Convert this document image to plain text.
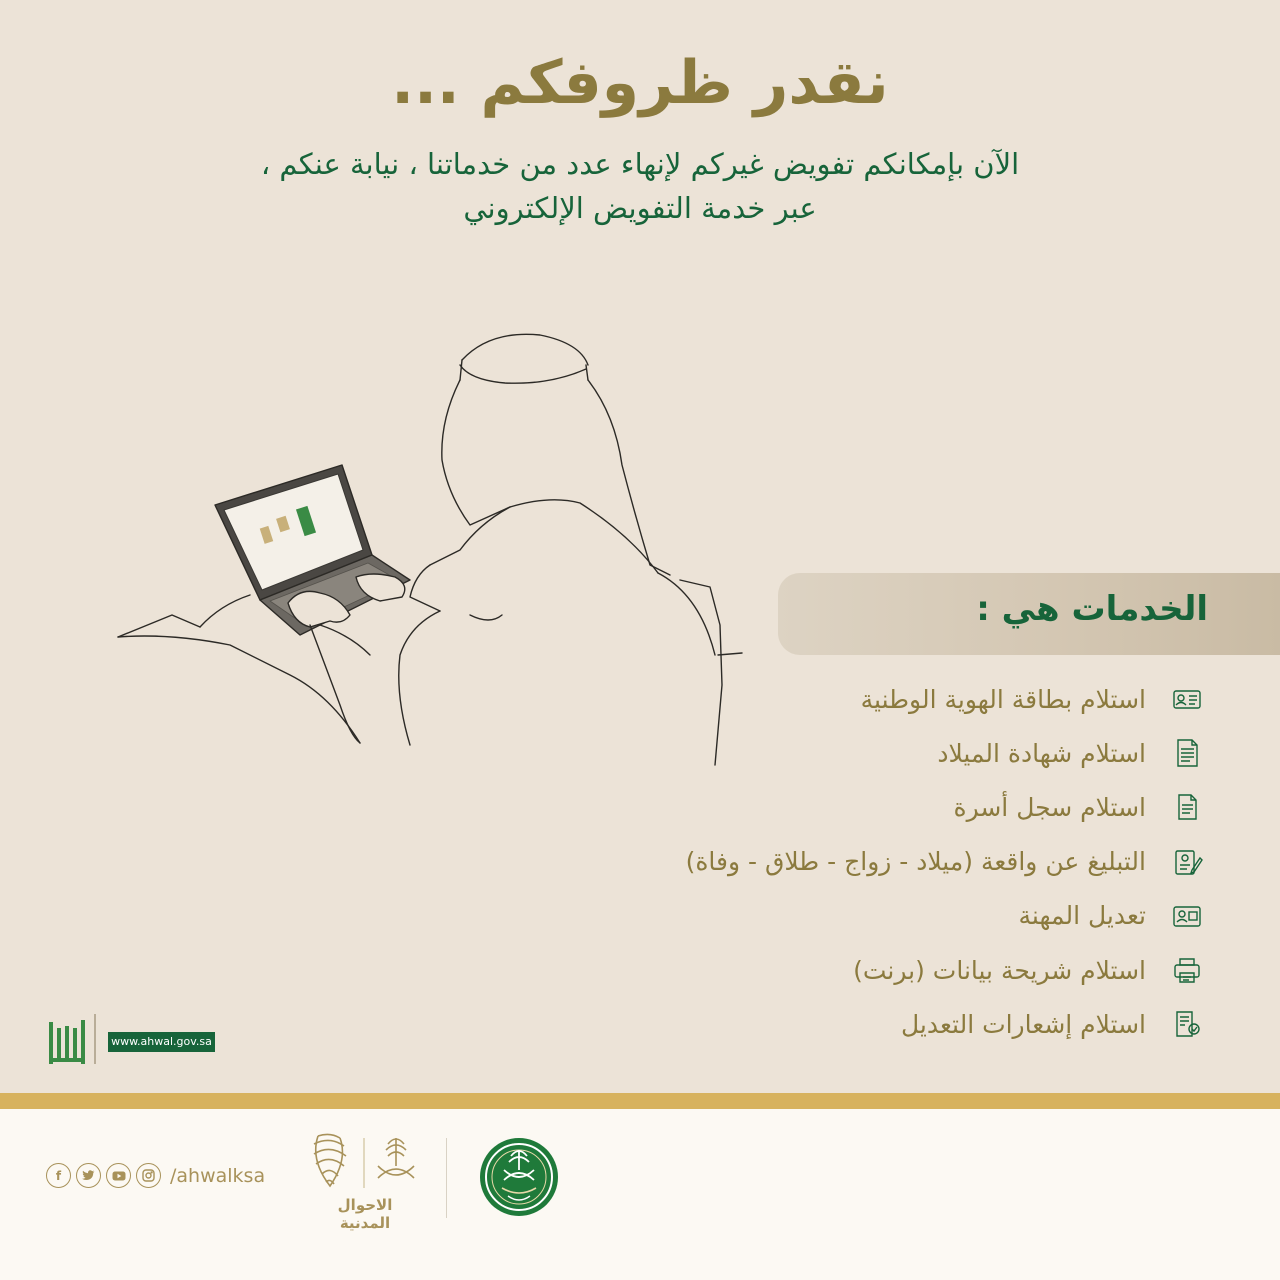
نقدر ظروفكم ...
الآن بإمكانكم تفويض غيركم لإنهاء عدد من خدماتنا ، نيابة عنكم ،
عبر خدمة التفويض الإلكتروني
الخدمات هي :
استلام بطاقة الهوية الوطنية
استلام شهادة الميلاد
استلام سجل أسرة
التبليغ عن واقعة (ميلاد - زواج - طلاق - وفاة)
تعديل المهنة
استلام شريحة بيانات (برنت)
استلام إشعارات التعديل
www.ahwal.gov.sa
f	/ahwalksa
الاحوال المدنية
